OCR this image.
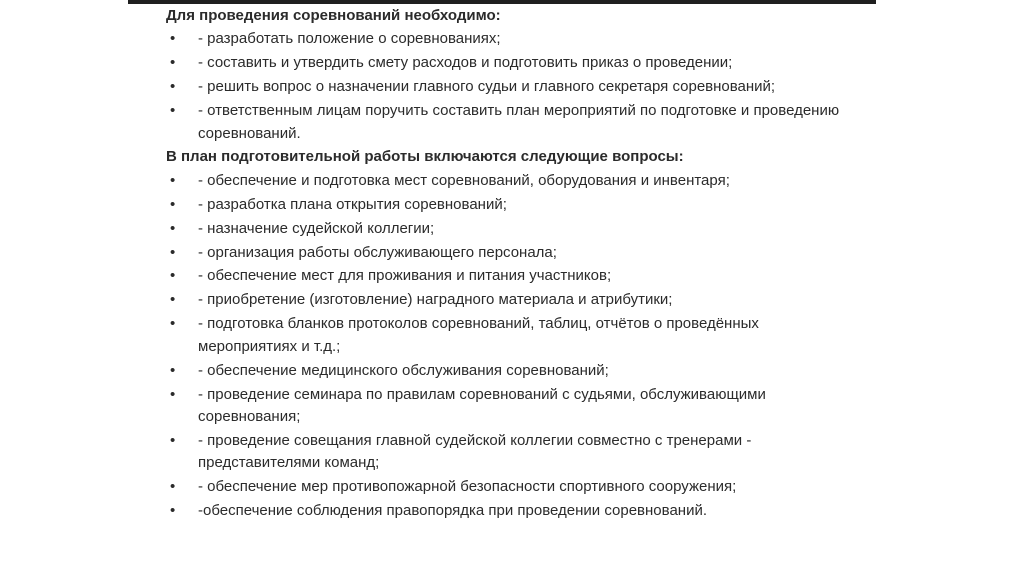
Для проведения соревнований необходимо:
• - разработать положение о соревнованиях;
• - составить и утвердить смету расходов и подготовить приказ о проведении;
• - решить вопрос о назначении главного судьи и главного секретаря соревнований;
• - ответственным лицам поручить составить план мероприятий по подготовке и проведению соревнований.
В план подготовительной работы включаются следующие вопросы:
• - обеспечение и подготовка мест соревнований, оборудования и инвентаря;
• - разработка плана открытия соревнований;
• - назначение судейской коллегии;
• - организация работы обслуживающего персонала;
• - обеспечение мест для проживания и питания участников;
• - приобретение (изготовление) наградного материала и атрибутики;
• - подготовка бланков протоколов соревнований, таблиц, отчётов о проведённых мероприятиях и т.д.;
• - обеспечение медицинского обслуживания соревнований;
• - проведение семинара по правилам соревнований с судьями, обслуживающими соревнования;
• - проведение совещания главной судейской коллегии совместно с тренерами - представителями команд;
• - обеспечение мер противопожарной безопасности спортивного сооружения;
• -обеспечение соблюдения правопорядка при проведении соревнований.
